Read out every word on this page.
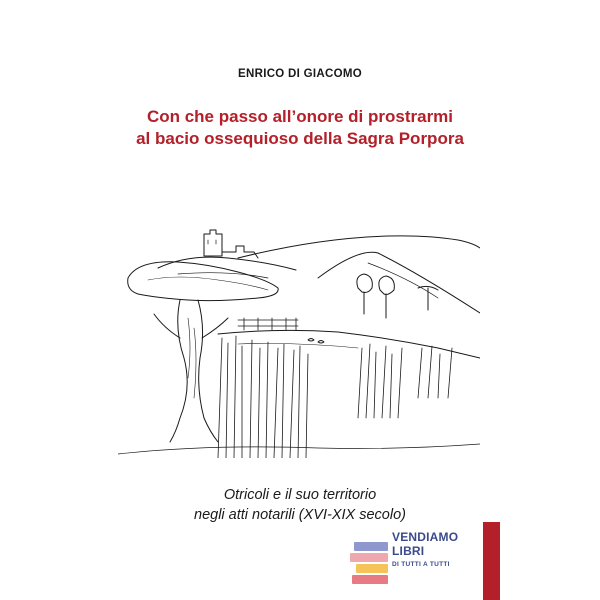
ENRICO DI GIACOMO
Con che passo all’onore di prostrarmi
al bacio ossequioso della Sagra Porpora
Otricoli e il suo territorio
negli atti notarili (XVI-XIX secolo)
VENDIAMO
LIBRI
DI TUTTI A TUTTI
